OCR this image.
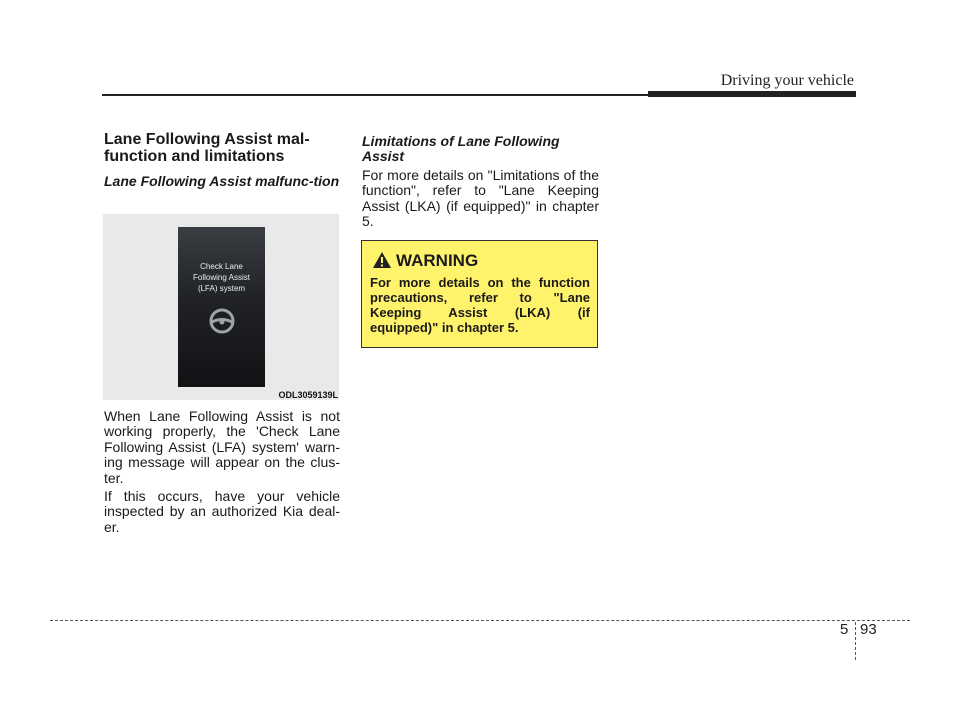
Driving your vehicle
Lane Following Assist mal-function and limitations
Lane Following Assist malfunc-tion
Check Lane
Following Assist
(LFA) system
ODL3059139L
When Lane Following Assist is not working properly, the 'Check Lane Following Assist (LFA) system' warn-ing message will appear on the clus-ter.
If this occurs, have your vehicle inspected by an authorized Kia deal-er.
Limitations of Lane Following Assist
For more details on "Limitations of the function", refer to "Lane Keeping Assist (LKA) (if equipped)" in chapter 5.
WARNING
For more details on the function precautions, refer to "Lane Keeping Assist (LKA) (if equipped)" in chapter 5.
5 93
